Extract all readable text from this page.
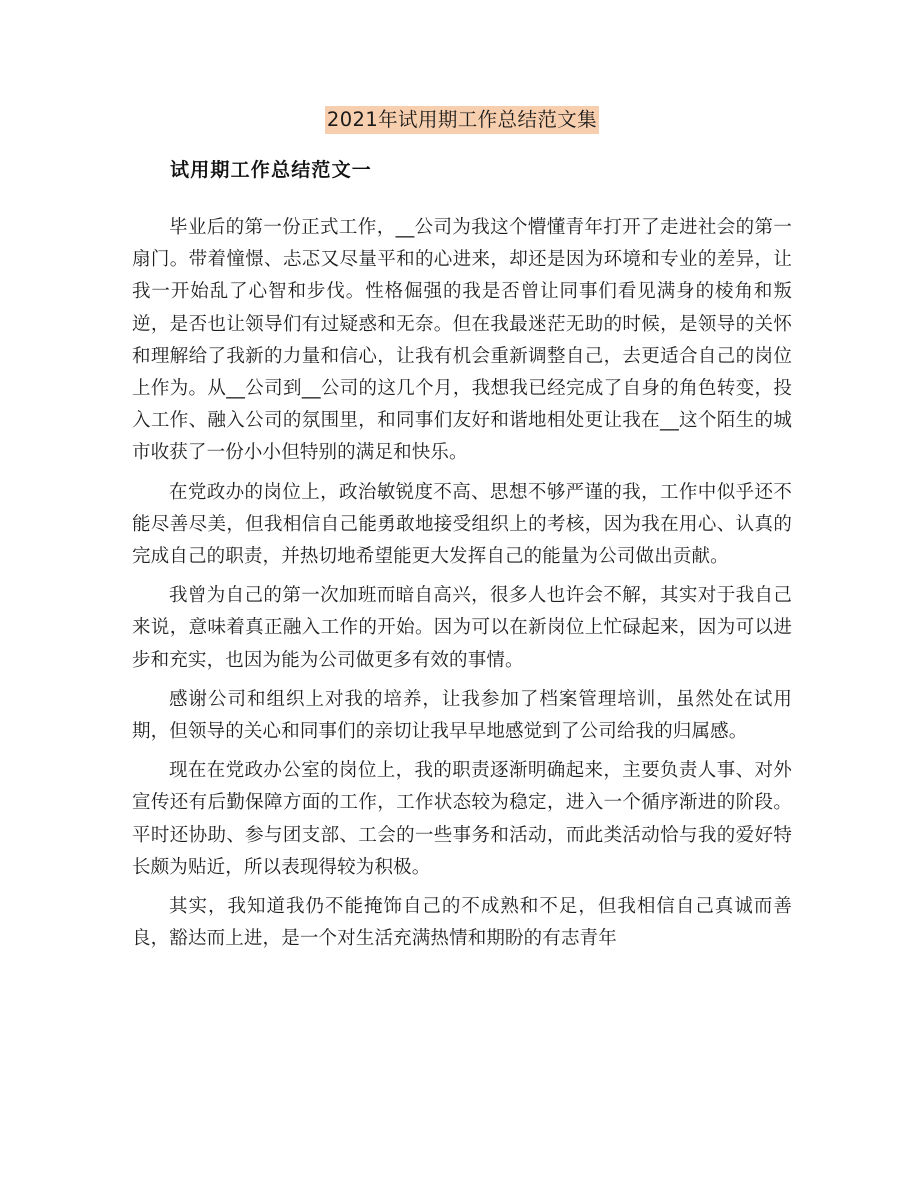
2021年试用期工作总结范文集
试用期工作总结范文一

毕业后的第一份正式工作，__公司为我这个懵懂青年打开了走进社会的第一扇门。带着憧憬、忐忑又尽量平和的心进来，却还是因为环境和专业的差异，让我一开始乱了心智和步伐。性格倔强的我是否曾让同事们看见满身的棱角和叛逆，是否也让领导们有过疑惑和无奈。但在我最迷茫无助的时候，是领导的关怀和理解给了我新的力量和信心，让我有机会重新调整自己，去更适合自己的岗位上作为。从__公司到__公司的这几个月，我想我已经完成了自身的角色转变，投入工作、融入公司的氛围里，和同事们友好和谐地相处更让我在__这个陌生的城市收获了一份小小但特别的满足和快乐。

在党政办的岗位上，政治敏锐度不高、思想不够严谨的我，工作中似乎还不能尽善尽美，但我相信自己能勇敢地接受组织上的考核，因为我在用心、认真的完成自己的职责，并热切地希望能更大发挥自己的能量为公司做出贡献。

我曾为自己的第一次加班而暗自高兴，很多人也许会不解，其实对于我自己来说，意味着真正融入工作的开始。因为可以在新岗位上忙碌起来，因为可以进步和充实，也因为能为公司做更多有效的事情。

感谢公司和组织上对我的培养，让我参加了档案管理培训，虽然处在试用期，但领导的关心和同事们的亲切让我早早地感觉到了公司给我的归属感。

现在在党政办公室的岗位上，我的职责逐渐明确起来，主要负责人事、对外宣传还有后勤保障方面的工作，工作状态较为稳定，进入一个循序渐进的阶段。平时还协助、参与团支部、工会的一些事务和活动，而此类活动恰与我的爱好特长颇为贴近，所以表现得较为积极。

其实，我知道我仍不能掩饰自己的不成熟和不足，但我相信自己真诚而善良，豁达而上进，是一个对生活充满热情和期盼的有志青年
